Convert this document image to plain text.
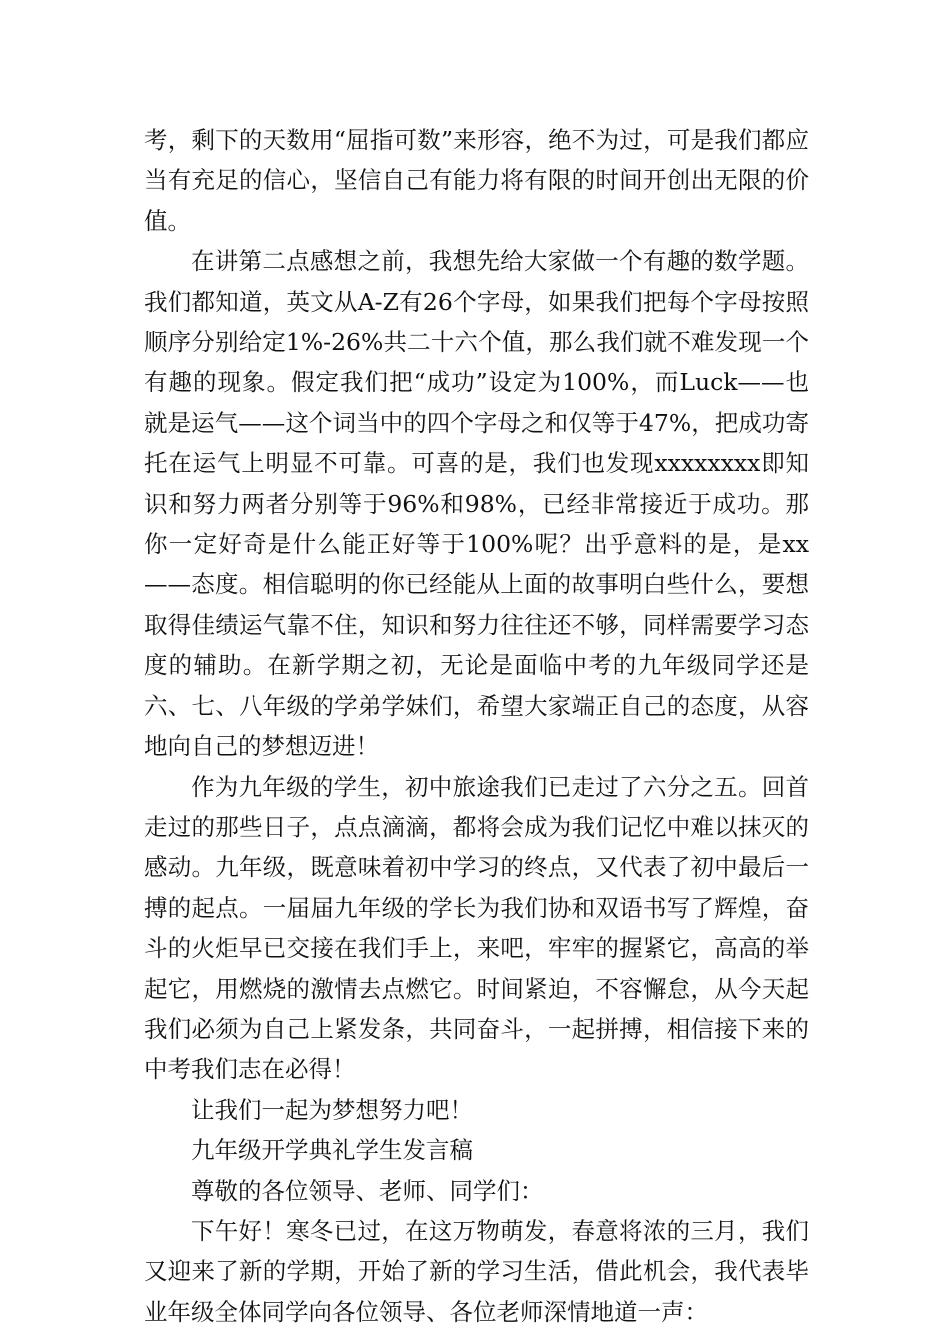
考，剩下的天数用“屈指可数”来形容，绝不为过，可是我们都应当有充足的信心，坚信自己有能力将有限的时间开创出无限的价值。

在讲第二点感想之前，我想先给大家做一个有趣的数学题。我们都知道，英文从A-Z有26个字母，如果我们把每个字母按照顺序分别给定1%-26%共二十六个值，那么我们就不难发现一个有趣的现象。假定我们把“成功”设定为100%，而Luck——也就是运气——这个词当中的四个字母之和仅等于47%，把成功寄托在运气上明显不可靠。可喜的是，我们也发现xxxxxxxx即知识和努力两者分别等于96%和98%，已经非常接近于成功。那你一定好奇是什么能正好等于100%呢？出乎意料的是，是xx——态度。相信聪明的你已经能从上面的故事明白些什么，要想取得佳绩运气靠不住，知识和努力往往还不够，同样需要学习态度的辅助。在新学期之初，无论是面临中考的九年级同学还是六、七、八年级的学弟学妹们，希望大家端正自己的态度，从容地向自己的梦想迈进！

作为九年级的学生，初中旅途我们已走过了六分之五。回首走过的那些日子，点点滴滴，都将会成为我们记忆中难以抹灭的感动。九年级，既意味着初中学习的终点，又代表了初中最后一搏的起点。一届届九年级的学长为我们协和双语书写了辉煌，奋斗的火炬早已交接在我们手上，来吧，牢牢的握紧它，高高的举起它，用燃烧的激情去点燃它。时间紧迫，不容懈怠，从今天起我们必须为自己上紧发条，共同奋斗，一起拼搏，相信接下来的中考我们志在必得！

让我们一起为梦想努力吧！

九年级开学典礼学生发言稿

尊敬的各位领导、老师、同学们：

下午好！寒冬已过，在这万物萌发，春意将浓的三月，我们又迎来了新的学期，开始了新的学习生活，借此机会，我代表毕业年级全体同学向各位领导、各位老师深情地道一声：
